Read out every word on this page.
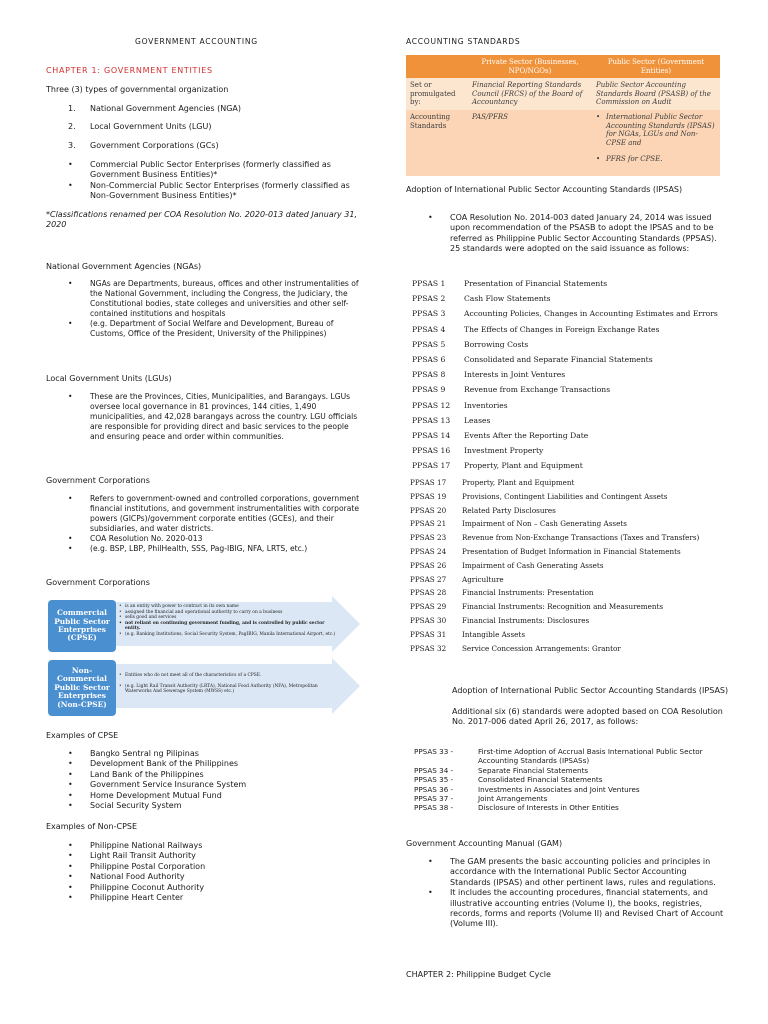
GOVERNMENT ACCOUNTING
CHAPTER 1: GOVERNMENT ENTITIES
Three (3) types of governmental organization
1. National Government Agencies (NGA)
2. Local Government Units (LGU)
3. Government Corporations (GCs)
• Commercial Public Sector Enterprises (formerly classified as Government Business Entities)*
• Non-Commercial Public Sector Enterprises (formerly classified as Non-Government Business Entities)*
*Classifications renamed per COA Resolution No. 2020-013 dated January 31, 2020
National Government Agencies (NGAs)
• NGAs are Departments, bureaus, offices and other instrumentalities of the National Government, including the Congress, the Judiciary, the Constitutional bodies, state colleges and universities and other self-contained institutions and hospitals
• (e.g. Department of Social Welfare and Development, Bureau of Customs, Office of the President, University of the Philippines)
Local Government Units (LGUs)
• These are the Provinces, Cities, Municipalities, and Barangays. LGUs oversee local governance in 81 provinces, 144 cities, 1,490 municipalities, and 42,028 barangays across the country. LGU officials are responsible for providing direct and basic services to the people and ensuring peace and order within communities.
Government Corporations
• Refers to government-owned and controlled corporations, government financial institutions, and government instrumentalities with corporate powers (GICPs)/government corporate entities (GCEs), and their subsidiaries, and water districts.
• COA Resolution No. 2020-013
• (e.g. BSP, LBP, PhilHealth, SSS, Pag-IBIG, NFA, LRTS, etc.)
Government Corporations
Commercial Public Sector Enterprises (CPSE)

• is an entity with power to contract in its own name

• assigned the financial and operational authority to carry on a business

• sells good and services

• not reliant on continuing government funding, and is controlled by public sector entity.

• (e.g. Banking Institutions, Social Security System, PagIBIG, Manila International Airport, etc.)

Non-Commercial Public Sector Enterprises (Non-CPSE)

• Entities who do not meet all of the characteristics of a CPSE.

• (e.g. Light Rail Transit Authority (LRTA), National Food Authority (NFA), Metropolitan Waterworks And Sewerage System (MWSS) etc.)

Examples of CPSE
• Bangko Sentral ng Pilipinas
• Development Bank of the Philippines
• Land Bank of the Philippines
• Government Service Insurance System
• Home Development Mutual Fund
• Social Security System
Examples of Non-CPSE
• Philippine National Railways
• Light Rail Transit Authority
• Philippine Postal Corporation
• National Food Authority
• Philippine Coconut Authority
• Philippine Heart Center
ACCOUNTING STANDARDS
	Private Sector (Businesses, NPO/NGOs)	Public Sector (Government Entities)
Set or promulgated by:	Financial Reporting Standards Council (FRCS) of the Board of Accountancy	Public Sector Accounting Standards Board (PSASB) of the Commission on Audit
Accounting Standards	PAS/PFRS	• International Public Sector Accounting Standards (IPSAS) for NGAs, LGUs and Non-CPSE and
• PFRS for CPSE.
Adoption of International Public Sector Accounting Standards (IPSAS)
• COA Resolution No. 2014-003 dated January 24, 2014 was issued upon recommendation of the PSASB to adopt the IPSAS and to be referred as Philippine Public Sector Accounting Standards (PPSAS). 25 standards were adopted on the said issuance as follows:
PPSAS 1 Presentation of Financial Statements
PPSAS 2 Cash Flow Statements
PPSAS 3 Accounting Policies, Changes in Accounting Estimates and Errors
PPSAS 4 The Effects of Changes in Foreign Exchange Rates
PPSAS 5 Borrowing Costs
PPSAS 6 Consolidated and Separate Financial Statements
PPSAS 8 Interests in Joint Ventures
PPSAS 9 Revenue from Exchange Transactions
PPSAS 12 Inventories
PPSAS 13 Leases
PPSAS 14 Events After the Reporting Date
PPSAS 16 Investment Property
PPSAS 17 Property, Plant and Equipment
PPSAS 17 Property, Plant and Equipment
PPSAS 19 Provisions, Contingent Liabilities and Contingent Assets
PPSAS 20 Related Party Disclosures
PPSAS 21 Impairment of Non – Cash Generating Assets
PPSAS 23 Revenue from Non-Exchange Transactions (Taxes and Transfers)
PPSAS 24 Presentation of Budget Information in Financial Statements
PPSAS 26 Impairment of Cash Generating Assets
PPSAS 27 Agriculture
PPSAS 28 Financial Instruments: Presentation
PPSAS 29 Financial Instruments: Recognition and Measurements
PPSAS 30 Financial Instruments: Disclosures
PPSAS 31 Intangible Assets
PPSAS 32 Service Concession Arrangements: Grantor
Adoption of International Public Sector Accounting Standards (IPSAS)
Additional six (6) standards were adopted based on COA Resolution No. 2017-006 dated April 26, 2017, as follows:
PPSAS 33 -	First-time Adoption of Accrual Basis International Public Sector Accounting Standards (IPSASs)
PPSAS 34 -	Separate Financial Statements
PPSAS 35 -	Consolidated Financial Statements
PPSAS 36 -	Investments in Associates and Joint Ventures
PPSAS 37 -	Joint Arrangements
PPSAS 38 -	Disclosure of Interests in Other Entities
Government Accounting Manual (GAM)
• The GAM presents the basic accounting policies and principles in accordance with the International Public Sector Accounting Standards (IPSAS) and other pertinent laws, rules and regulations.
• It includes the accounting procedures, financial statements, and illustrative accounting entries (Volume I), the books, registries, records, forms and reports (Volume II) and Revised Chart of Account (Volume III).
CHAPTER 2: Philippine Budget Cycle
